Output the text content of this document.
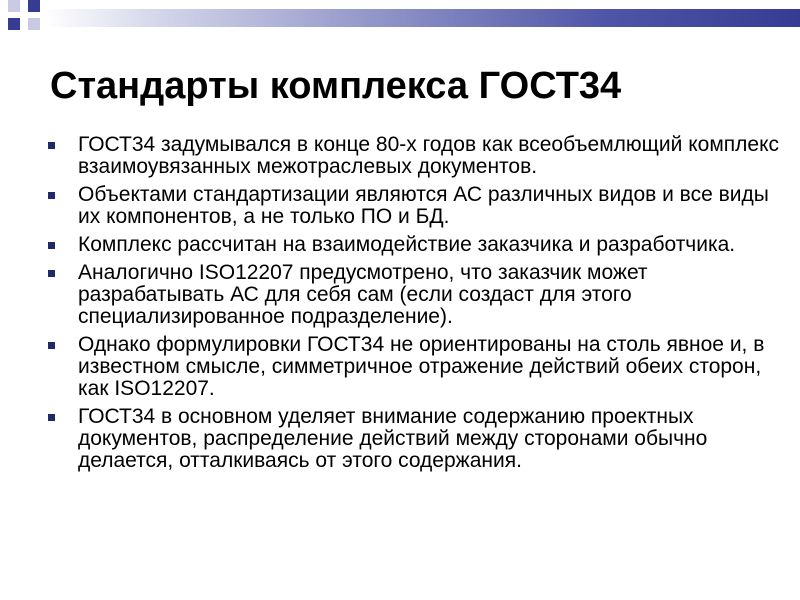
Стандарты комплекса ГОСТ34
ГОСТ34 задумывался в конце 80-х годов как всеобъемлющий комплекс взаимоувязанных межотраслевых документов.
Объектами стандартизации являются АС различных видов и все виды их компонентов, а не только ПО и БД.
Комплекс рассчитан на взаимодействие заказчика и разработчика.
Аналогично ISO12207 предусмотрено, что заказчик может разрабатывать АС для себя сам (если создаст для этого специализированное подразделение).
Однако формулировки ГОСТ34 не ориентированы на столь явное и, в известном смысле, симметричное отражение действий обеих сторон, как ISO12207.
ГОСТ34 в основном уделяет внимание содержанию проектных документов, распределение действий между сторонами обычно делается, отталкиваясь от этого содержания.
